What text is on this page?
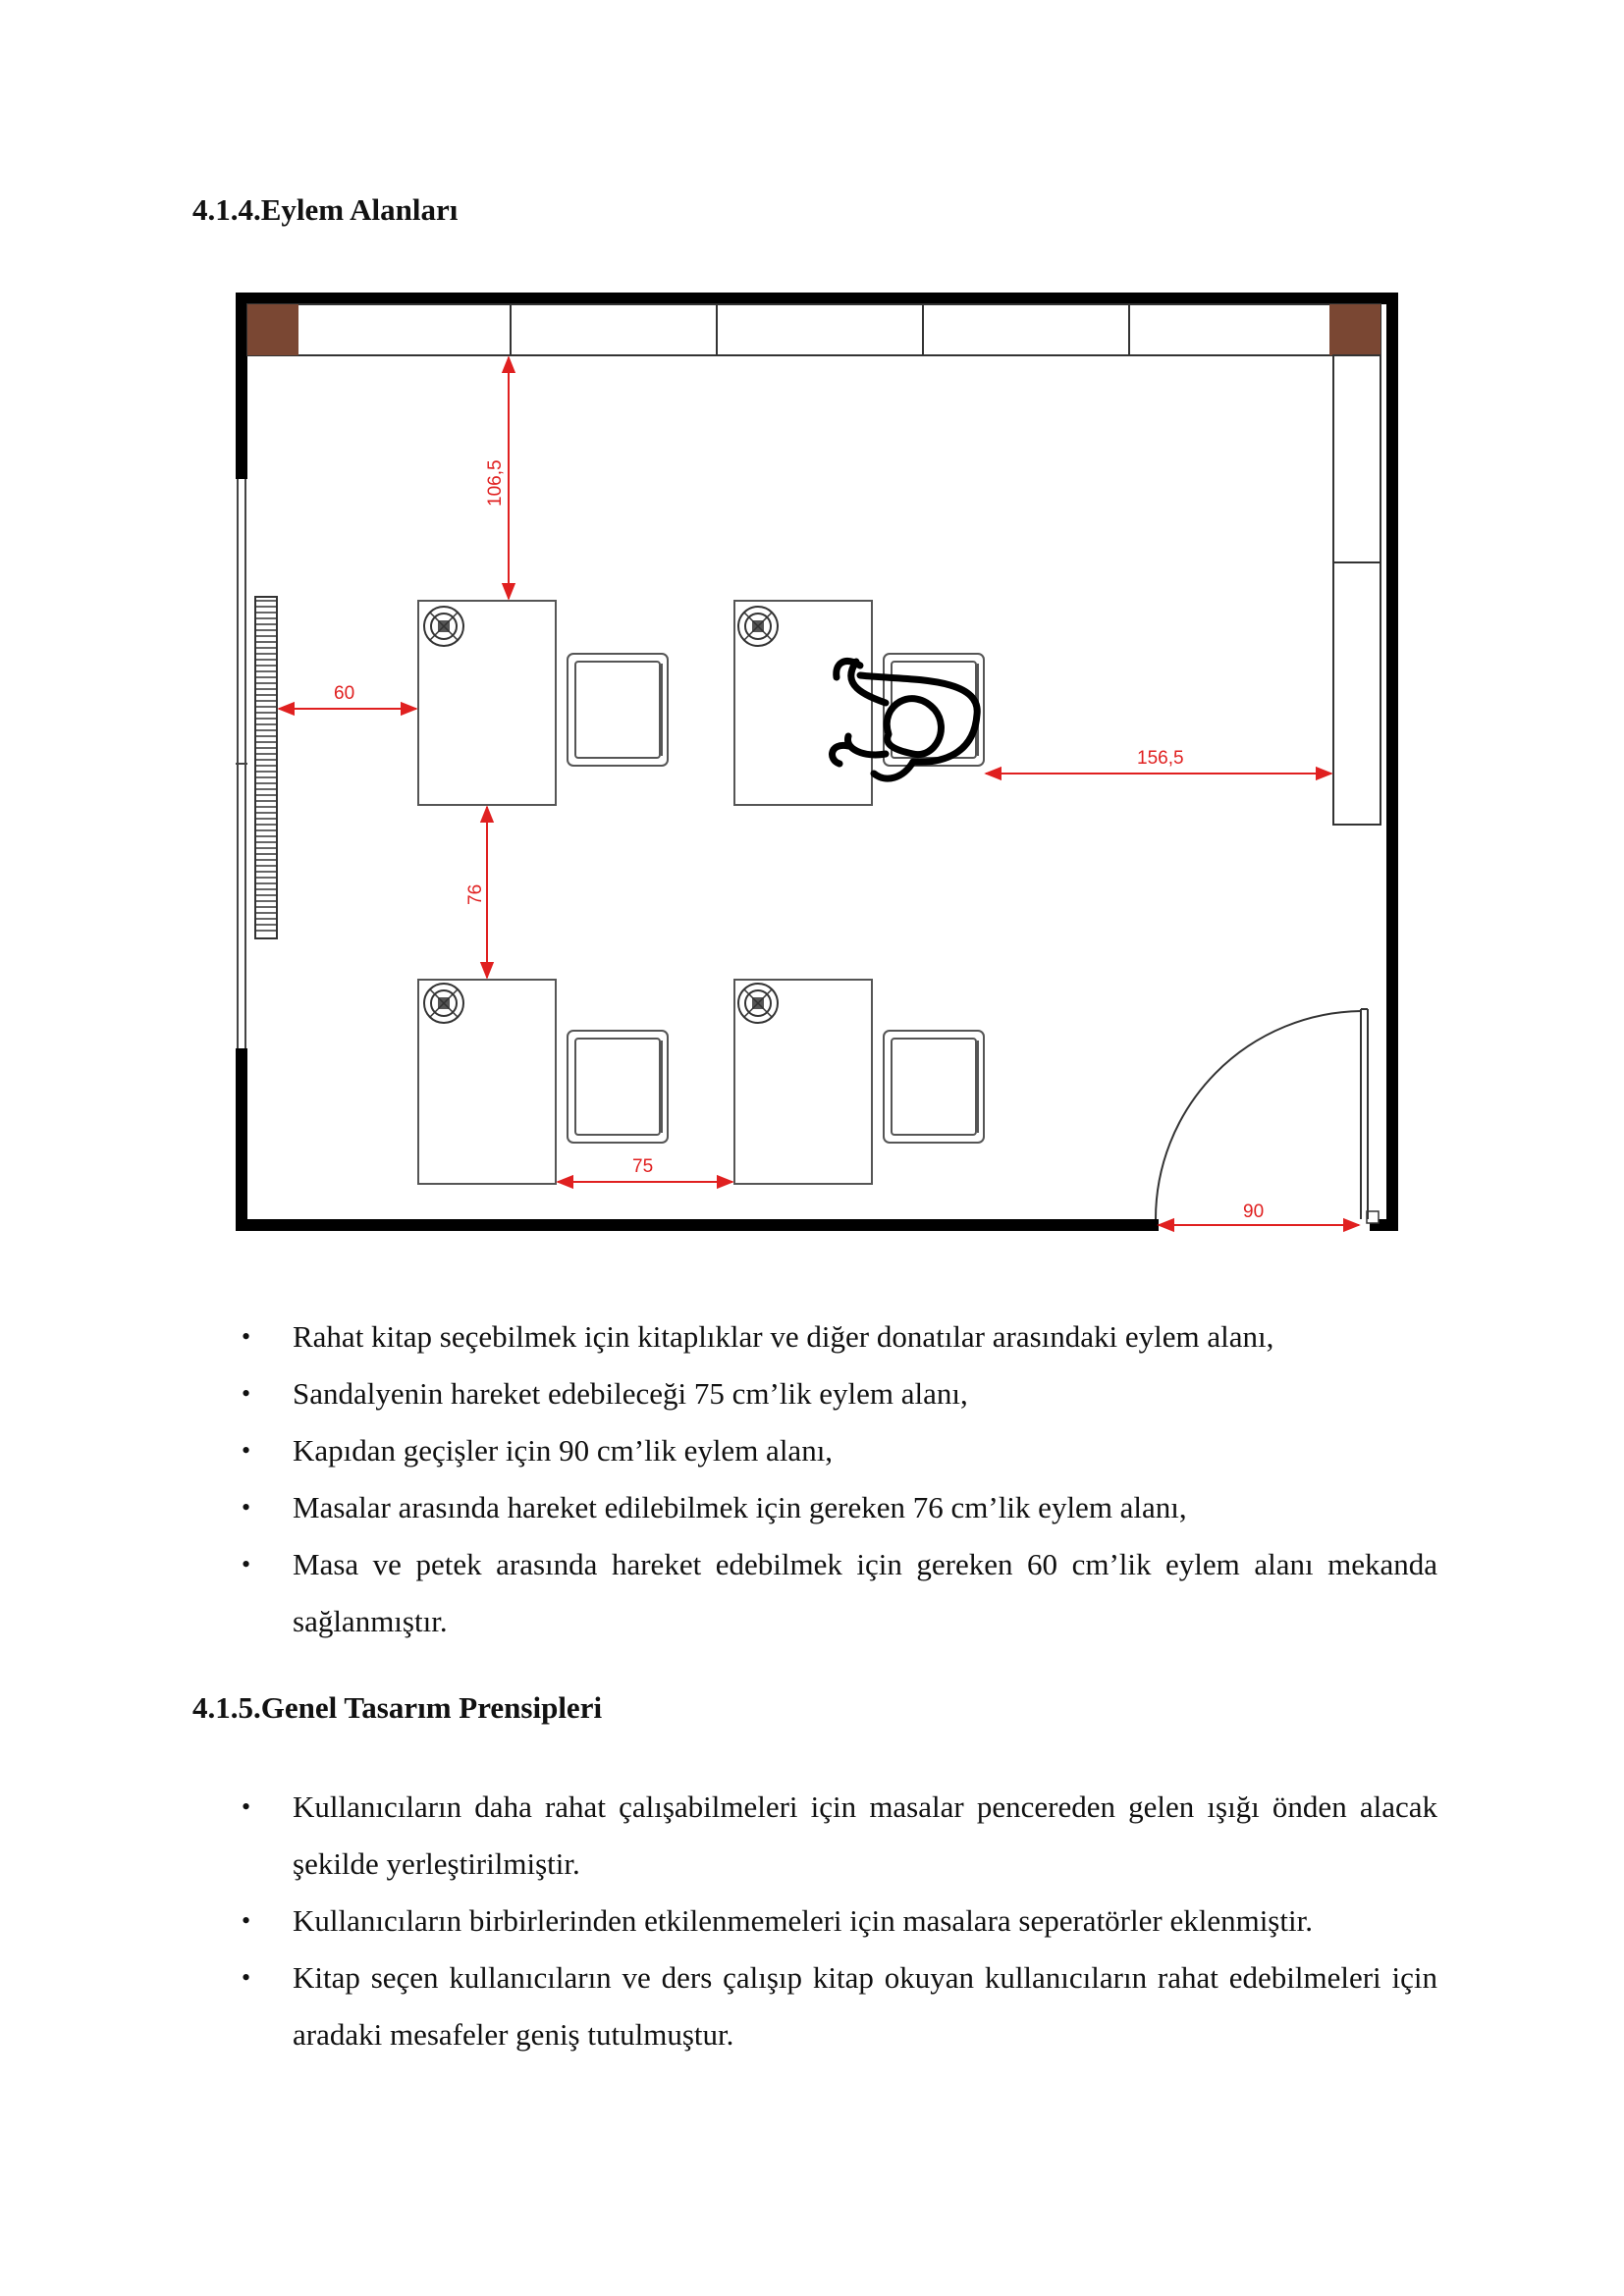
4.1.4.Eylem Alanları
106,5
60
156,5
76
75
90
• Rahat kitap seçebilmek için kitaplıklar ve diğer donatılar arasındaki eylem alanı,
• Sandalyenin hareket edebileceği 75 cm’lik eylem alanı,
• Kapıdan geçişler için 90 cm’lik eylem alanı,
• Masalar arasında hareket edilebilmek için gereken 76 cm’lik eylem alanı,
• Masa ve petek arasında hareket edebilmek için gereken 60 cm’lik eylem alanı mekanda sağlanmıştır.
4.1.5.Genel Tasarım Prensipleri
• Kullanıcıların daha rahat çalışabilmeleri için masalar pencereden gelen ışığı önden alacak şekilde yerleştirilmiştir.
• Kullanıcıların birbirlerinden etkilenmemeleri için masalara seperatörler eklenmiştir.
• Kitap seçen kullanıcıların ve ders çalışıp kitap okuyan kullanıcıların rahat edebilmeleri için aradaki mesafeler geniş tutulmuştur.
